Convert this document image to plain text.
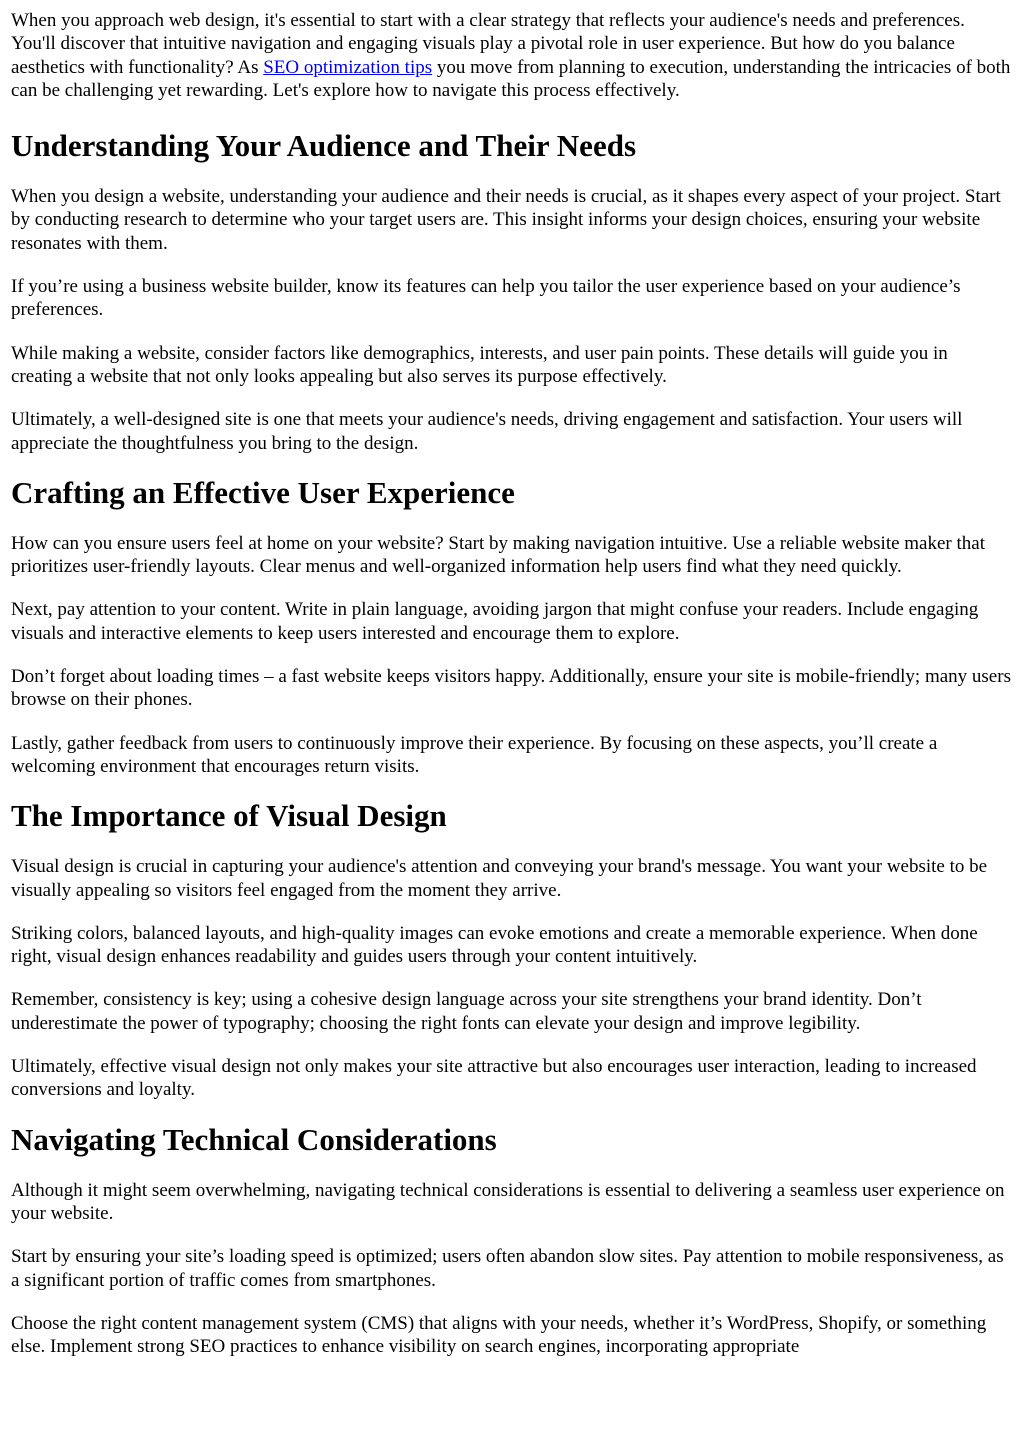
When you approach web design, it's essential to start with a clear strategy that reflects your audience's needs and preferences. You'll discover that intuitive navigation and engaging visuals play a pivotal role in user experience. But how do you balance aesthetics with functionality? As SEO optimization tips you move from planning to execution, understanding the intricacies of both can be challenging yet rewarding. Let's explore how to navigate this process effectively.

Understanding Your Audience and Their Needs

When you design a website, understanding your audience and their needs is crucial, as it shapes every aspect of your project. Start by conducting research to determine who your target users are. This insight informs your design choices, ensuring your website resonates with them.

If you’re using a business website builder, know its features can help you tailor the user experience based on your audience’s preferences.

While making a website, consider factors like demographics, interests, and user pain points. These details will guide you in creating a website that not only looks appealing but also serves its purpose effectively.

Ultimately, a well-designed site is one that meets your audience's needs, driving engagement and satisfaction. Your users will appreciate the thoughtfulness you bring to the design.

Crafting an Effective User Experience

How can you ensure users feel at home on your website? Start by making navigation intuitive. Use a reliable website maker that prioritizes user-friendly layouts. Clear menus and well-organized information help users find what they need quickly.

Next, pay attention to your content. Write in plain language, avoiding jargon that might confuse your readers. Include engaging visuals and interactive elements to keep users interested and encourage them to explore.

Don’t forget about loading times – a fast website keeps visitors happy. Additionally, ensure your site is mobile-friendly; many users browse on their phones.

Lastly, gather feedback from users to continuously improve their experience. By focusing on these aspects, you’ll create a welcoming environment that encourages return visits.

The Importance of Visual Design

Visual design is crucial in capturing your audience's attention and conveying your brand's message. You want your website to be visually appealing so visitors feel engaged from the moment they arrive.

Striking colors, balanced layouts, and high-quality images can evoke emotions and create a memorable experience. When done right, visual design enhances readability and guides users through your content intuitively.

Remember, consistency is key; using a cohesive design language across your site strengthens your brand identity. Don’t underestimate the power of typography; choosing the right fonts can elevate your design and improve legibility.

Ultimately, effective visual design not only makes your site attractive but also encourages user interaction, leading to increased conversions and loyalty.

Navigating Technical Considerations

Although it might seem overwhelming, navigating technical considerations is essential to delivering a seamless user experience on your website.

Start by ensuring your site’s loading speed is optimized; users often abandon slow sites. Pay attention to mobile responsiveness, as a significant portion of traffic comes from smartphones.

Choose the right content management system (CMS) that aligns with your needs, whether it’s WordPress, Shopify, or something else. Implement strong SEO practices to enhance visibility on search engines, incorporating appropriate
